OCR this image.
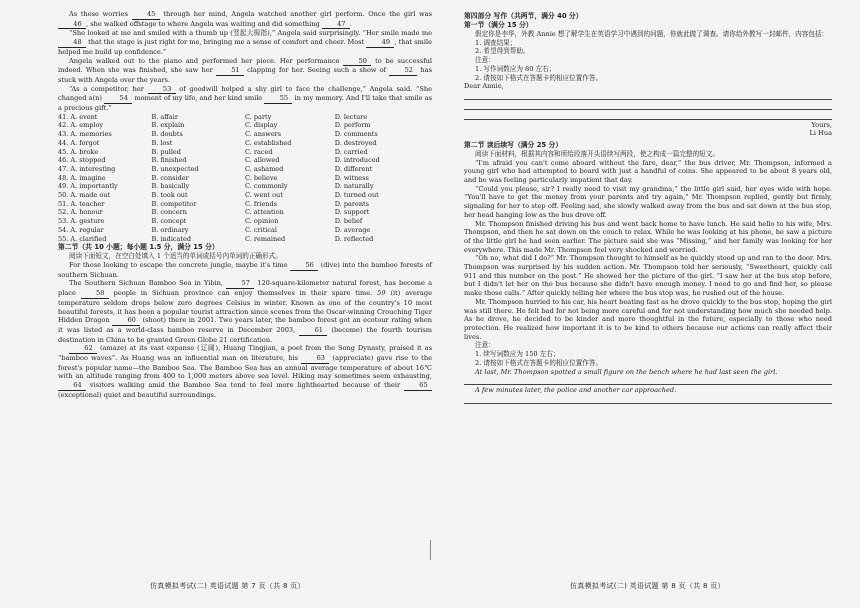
As these worries 45 through her mind, Angela watched another girl perform. Once the girl was 46 , she walked offstage to where Angela was waiting and did something 47 .

“She looked at me and smiled with a thumb up (竖起大拇指),” Angela said surprisingly. “Her smile made me 48 that the stage is just right for me, bringing me a sense of comfort and cheer. Most 49 , that smile helped me build up confidence.”

Angela walked out to the piano and performed her piece. Her performance 50 to be successful indeed. When she was finished, she saw her 51 clapping for her. Seeing such a show of 52 has stuck with Angela over the years.

“As a competitor, her 53 of goodwill helped a shy girl to face the challenge,” Angela said. “She changed a(n) 54 moment of my life, and her kind smile 55 in my memory. And I'll take that smile as a precious gift.”

41. A. event	B. affair	C. party	D. lecture
42. A. employ	B. explain	C. display	D. perform
43. A. memories	B. doubts	C. answers	D. comments
44. A. forgot	B. lost	C. established	D. destroyed
45. A. broke	B. pulled	C. raced	D. carried
46. A. stopped	B. finished	C. allowed	D. introduced
47. A. interesting	B. unexpected	C. ashamed	D. different
48. A. imagine	B. consider	C. believe	D. witness
49. A. importantly	B. basically	C. commonly	D. naturally
50. A. made out	B. took out	C. went out	D. turned out
51. A. teacher	B. competitor	C. friends	D. parents
52. A. honour	B. concern	C. attention	D. support
53. A. gesture	B. concept	C. opinion	D. belief
54. A. regular	B. ordinary	C. critical	D. average
55. A. clarified	B. indicated	C. remained	D. reflected
第二节（共 10 小题；每小题 1.5 分，满分 15 分）

阅读下面短文，在空白处填入 1 个适当的单词或括号内单词的正确形式。

For those looking to escape the concrete jungle, maybe it's time 56 (dive) into the bamboo forests of southern Sichuan.

The Southern Sichuan Bamboo Sea in Yibin, 57 120-square-kilometer natural forest, has become a place 58 people in Sichuan province can enjoy themselves in their spare time. 59 (it) average temperature seldom drops below zero degrees Celsius in winter. Known as one of the country's 10 most beautiful forests, it has been a popular tourist attraction since scenes from the Oscar-winning Crouching Tiger Hidden Dragon	60 (shoot) there in 2001. Two years later, the bamboo forest got an ecotour rating when it was listed as a world-class bamboo reserve in December 2003, 61 (become) the fourth tourism destination in China to be granted Green Globe 21 certification.

62 (amaze) at its vast expanse (辽阔), Huang Tingjian, a poet from the Song Dynasty, praised it as “bamboo waves”. As Huang was an influential man on literature, his 63 (appreciate) gave rise to the forest's popular name—the Bamboo Sea. The Bamboo Sea has an annual average temperature of about 16℃ with an altitude ranging from 400 to 1,000 meters above sea level. Hiking may sometimes seem exhausting, 64 visitors walking amid the Bamboo Sea tend to feel more lighthearted because of their 65 (exceptional) quiet and beautiful surroundings.

仿真模拟考试(二) 英语试题 第 7 页（共 8 页）
第四部分 写作（共两节，满分 40 分）
第一节（满分 15 分）

假定你是李华，外教 Annie 想了解学生在英语学习中遇到的问题，你就此做了调查。请你给外教写一封邮件，内容包括：

1. 调查结果；

2. 希望得到帮助。

注意：

1. 写作词数应为 80 左右；

2. 请按如下格式在答题卡的相应位置作答。

Dear Annie,

Yours,
Li Hua
第二节 读后续写（满分 25 分）

阅读下面材料，根据其内容和所给段落开头语续写两段，使之构成一篇完整的短文。

“I'm afraid you can't come aboard without the fare, dear,” the bus driver, Mr. Thompson, informed a young girl who had attempted to board with just a handful of coins. She appeared to be about 8 years old, and he was feeling particularly impatient that day.

“Could you please, sir? I really need to visit my grandma,” the little girl said, her eyes wide with hope. “You'll have to get the money from your parents and try again,” Mr. Thompson replied, gently but firmly, signaling for her to step off. Feeling sad, she slowly walked away from the bus and sat down at the bus stop, her head hanging low as the bus drove off.

Mr. Thompson finished driving his bus and went back home to have lunch. He said hello to his wife, Mrs. Thompson, and then he sat down on the couch to relax. While he was looking at his phone, he saw a picture of the little girl he had seen earlier. The picture said she was “Missing,” and her family was looking for her everywhere. This made Mr. Thompson feel very shocked and worried.

“Oh no, what did I do?” Mr. Thompson thought to himself as he quickly stood up and ran to the door. Mrs. Thompson was surprised by his sudden action. Mr. Thompson told her seriously, “Sweetheart, quickly call 911 and this number on the post.” He showed her the picture of the girl. “I saw her at the bus stop before, but I didn't let her on the bus because she didn't have enough money. I need to go and find her, so please make those calls.” After quickly telling her where the bus stop was, he rushed out of the house.

Mr. Thompson hurried to his car, his heart beating fast as he drove quickly to the bus stop, hoping the girl was still there. He felt bad for not being more careful and for not understanding how much she needed help. As he drove, he decided to be kinder and more thoughtful in the future, especially to those who need protection. He realized how important it is to be kind to others because our actions can really affect their lives.

注意：

1. 续写词数应为 150 左右；

2. 请按如下格式在答题卡的相应位置作答。

At last, Mr. Thompson spotted a small figure on the bench where he had last seen the girl.

A few minutes later, the police and another car approached.

仿真模拟考试(二) 英语试题 第 8 页（共 8 页）
